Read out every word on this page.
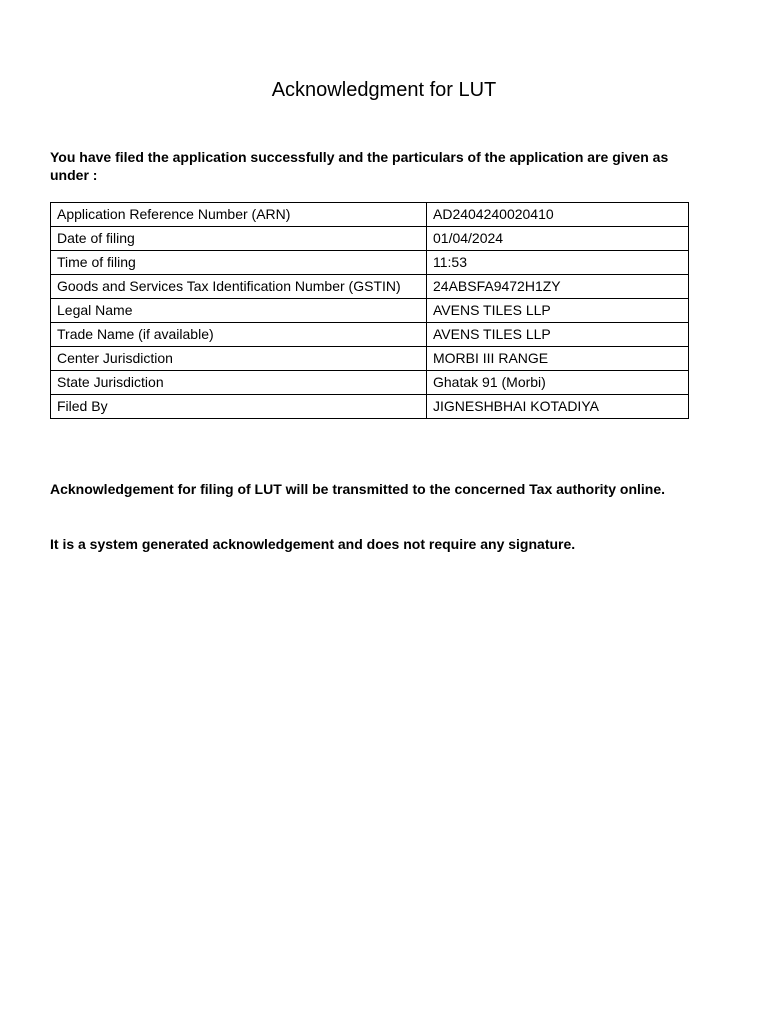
Acknowledgment for LUT

You have filed the application successfully and the particulars of the application are given as under :

Application Reference Number (ARN)	AD2404240020410
Date of filing	01/04/2024
Time of filing	11:53
Goods and Services Tax Identification Number (GSTIN)	24ABSFA9472H1ZY
Legal Name	AVENS TILES LLP
Trade Name (if available)	AVENS TILES LLP
Center Jurisdiction	MORBI III RANGE
State Jurisdiction	Ghatak 91 (Morbi)
Filed By	JIGNESHBHAI KOTADIYA

Acknowledgement for filing of LUT will be transmitted to the concerned Tax authority online.

It is a system generated acknowledgement and does not require any signature.
